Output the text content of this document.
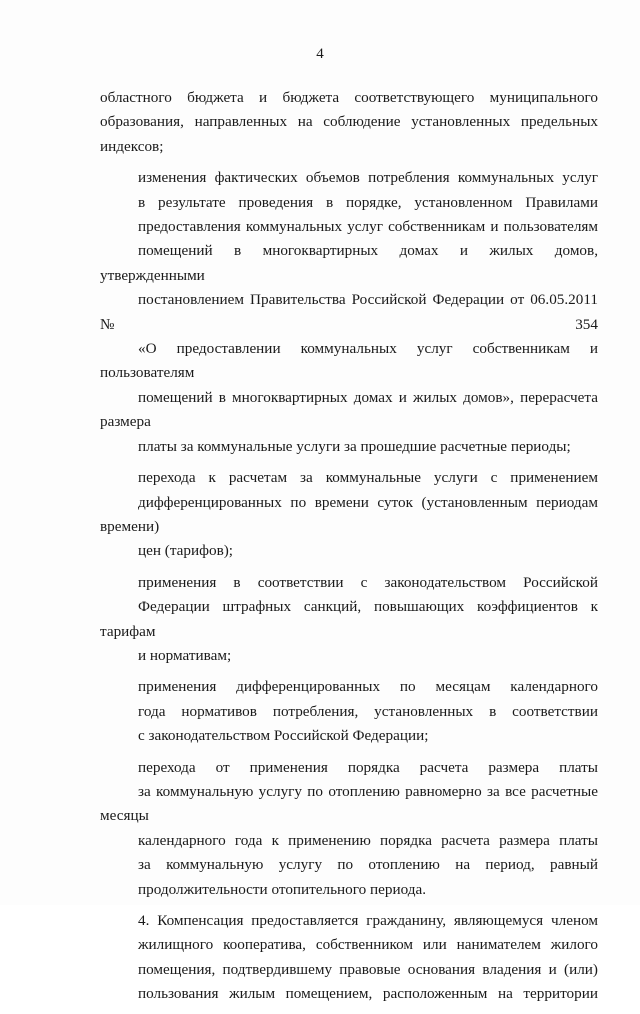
4

областного бюджета и бюджета соответствующего муниципального
образования, направленных на соблюдение установленных предельных
индексов;

изменения фактических объемов потребления коммунальных услуг
в результате проведения в порядке, установленном Правилами
предоставления коммунальных услуг собственникам и пользователям
помещений в многоквартирных домах и жилых домов, утвержденными
постановлением Правительства Российской Федерации от 06.05.2011 № 354
«О предоставлении коммунальных услуг собственникам и пользователям
помещений в многоквартирных домах и жилых домов», перерасчета размера
платы за коммунальные услуги за прошедшие расчетные периоды;

перехода к расчетам за коммунальные услуги с применением
дифференцированных по времени суток (установленным периодам времени)
цен (тарифов);

применения в соответствии с законодательством Российской
Федерации штрафных санкций, повышающих коэффициентов к тарифам
и нормативам;

применения дифференцированных по месяцам календарного
года нормативов потребления, установленных в соответствии
с законодательством Российской Федерации;

перехода от применения порядка расчета размера платы
за коммунальную услугу по отоплению равномерно за все расчетные месяцы
календарного года к применению порядка расчета размера платы
за коммунальную услугу по отоплению на период, равный
продолжительности отопительного периода.

4. Компенсация предоставляется гражданину, являющемуся членом
жилищного кооператива, собственником или нанимателем жилого
помещения, подтвердившему правовые основания владения и (или)
пользования жилым помещением, расположенным на территории
